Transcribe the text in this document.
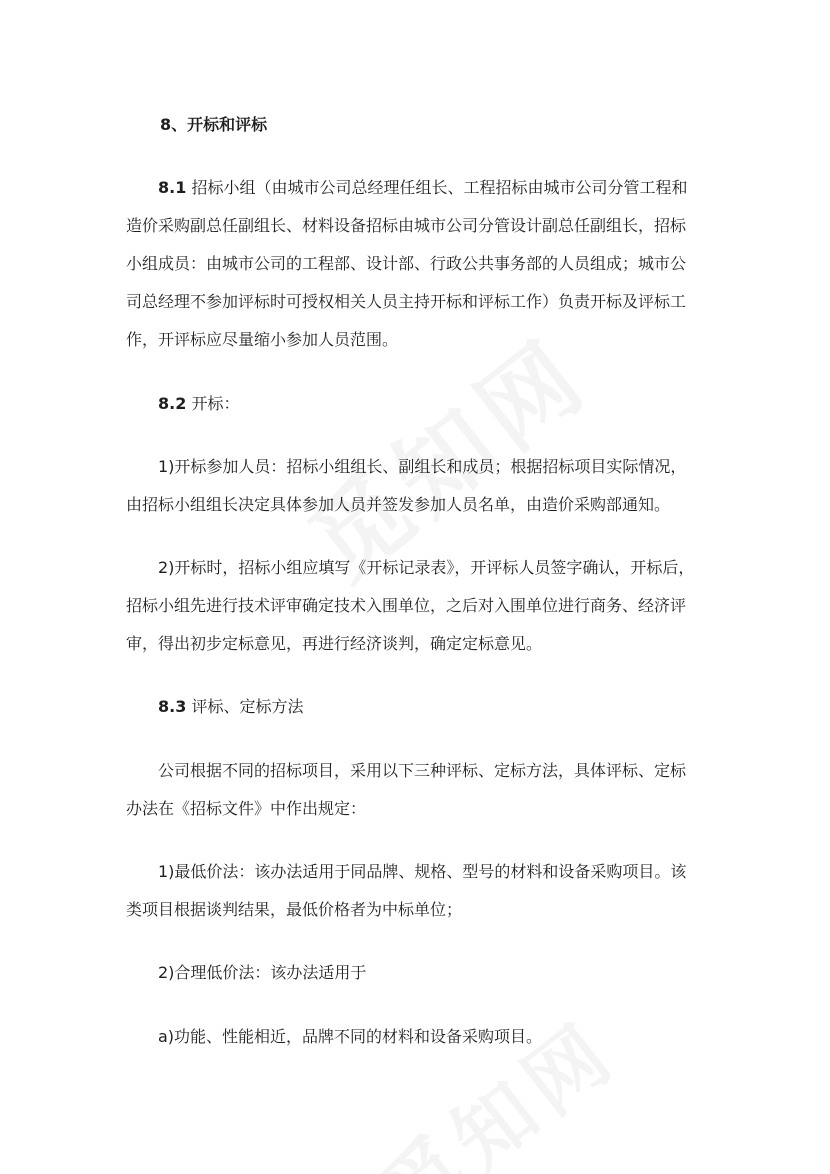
8、开标和评标
8.1 招标小组（由城市公司总经理任组长、工程招标由城市公司分管工程和
造价采购副总任副组长、材料设备招标由城市公司分管设计副总任副组长，招标
小组成员：由城市公司的工程部、设计部、行政公共事务部的人员组成；城市公
司总经理不参加评标时可授权相关人员主持开标和评标工作）负责开标及评标工
作，开评标应尽量缩小参加人员范围。
8.2 开标：
1)开标参加人员：招标小组组长、副组长和成员；根据招标项目实际情况，
由招标小组组长决定具体参加人员并签发参加人员名单，由造价采购部通知。
2)开标时，招标小组应填写《开标记录表》，开评标人员签字确认，开标后，
招标小组先进行技术评审确定技术入围单位，之后对入围单位进行商务、经济评
审，得出初步定标意见，再进行经济谈判，确定定标意见。
8.3 评标、定标方法
公司根据不同的招标项目，采用以下三种评标、定标方法，具体评标、定标
办法在《招标文件》中作出规定：
1)最低价法：该办法适用于同品牌、规格、型号的材料和设备采购项目。该
类项目根据谈判结果，最低价格者为中标单位；
2)合理低价法：该办法适用于
a)功能、性能相近，品牌不同的材料和设备采购项目。
